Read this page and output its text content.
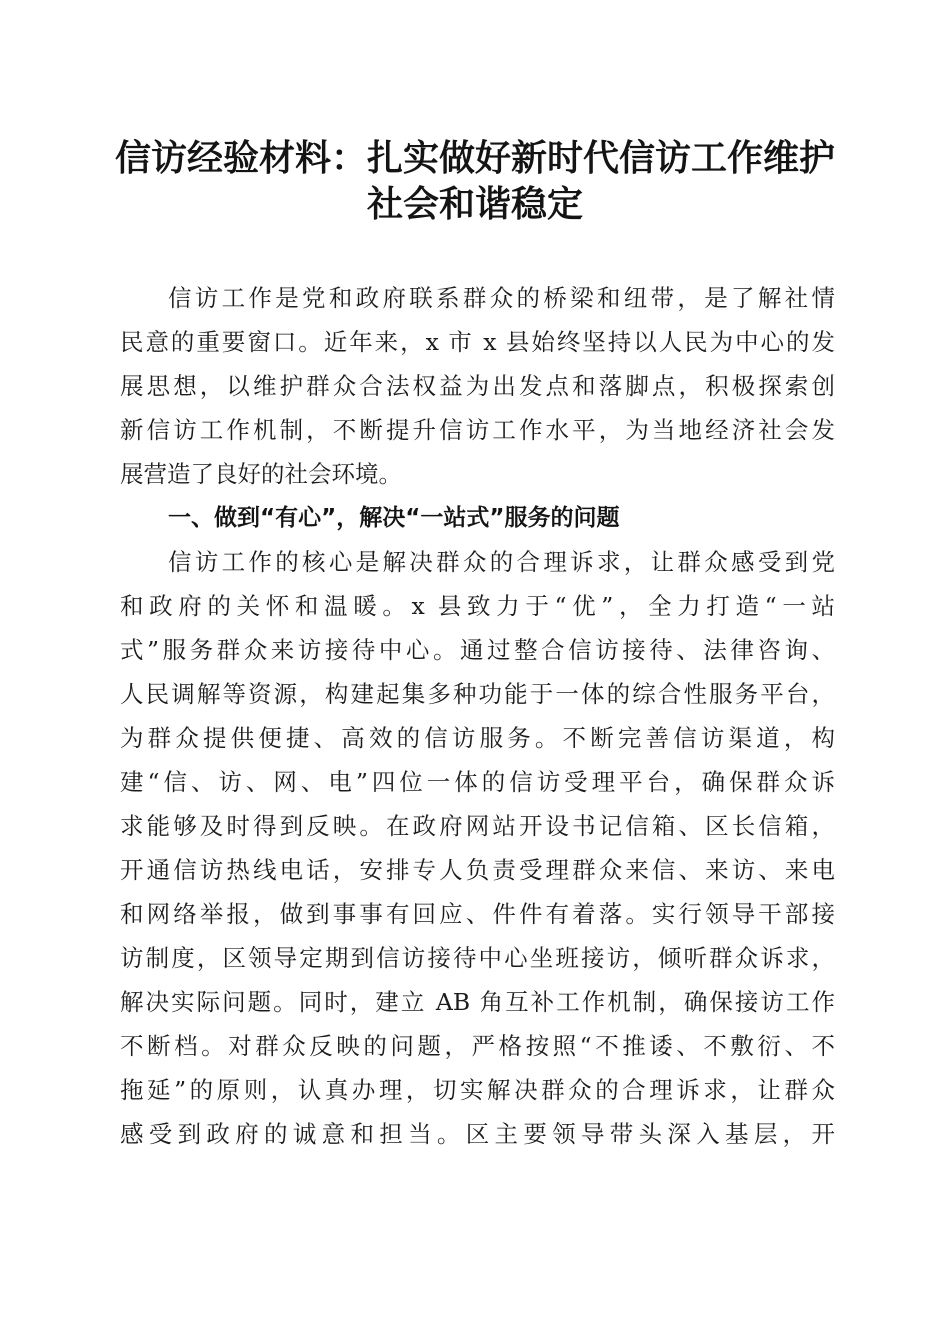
信访经验材料：扎实做好新时代信访工作维护
社会和谐稳定
信访工作是党和政府联系群众的桥梁和纽带，是了解社情
民意的重要窗口。近年来，x 市 x 县始终坚持以人民为中心的发
展思想，以维护群众合法权益为出发点和落脚点，积极探索创
新信访工作机制，不断提升信访工作水平，为当地经济社会发
展营造了良好的社会环境。
一、做到“有心”，解决“一站式”服务的问题
信访工作的核心是解决群众的合理诉求，让群众感受到党
和政府的关怀和温暖。x 县致力于“优”，全力打造“一站
式”服务群众来访接待中心。通过整合信访接待、法律咨询、
人民调解等资源，构建起集多种功能于一体的综合性服务平台，
为群众提供便捷、高效的信访服务。不断完善信访渠道，构
建“信、访、网、电”四位一体的信访受理平台，确保群众诉
求能够及时得到反映。在政府网站开设书记信箱、区长信箱，
开通信访热线电话，安排专人负责受理群众来信、来访、来电
和网络举报，做到事事有回应、件件有着落。实行领导干部接
访制度，区领导定期到信访接待中心坐班接访，倾听群众诉求，
解决实际问题。同时，建立 AB 角互补工作机制，确保接访工作
不断档。对群众反映的问题，严格按照“不推诿、不敷衍、不
拖延”的原则，认真办理，切实解决群众的合理诉求，让群众
感受到政府的诚意和担当。区主要领导带头深入基层，开
